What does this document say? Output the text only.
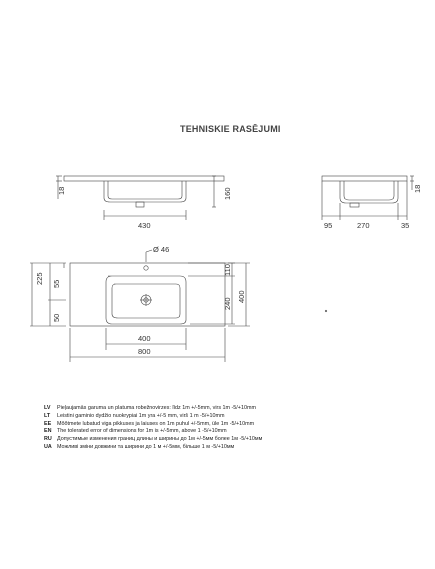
TEHNISKIE RASĒJUMI
18	160
430	95	270	35
18
Ø 46
225 55
50
110
240
400
400
800
LV Pieļaujamās garuma un platuma robežnovirzes: līdz 1m +/-5mm, virs 1m -5/+10mm
LT Leistini gaminio dydžio nuokrypiai 1m yra +/-5 mm, virš 1 m -5/+10mm
EE Mõõtmete lubatud viga pikkuses ja laiuses on 1m puhul +/-5mm, üle 1m -5/+10mm
EN The tolerated error of dimensions for 1m is +/-5mm, above 1 -5/+10mm
RU Допустимые изменения границ длины и ширины до 1м +/-5мм более 1м -5/+10мм
UA Можливі зміни довжини та ширини до 1 м +/-5мм, більше 1 м -5/+10мм
